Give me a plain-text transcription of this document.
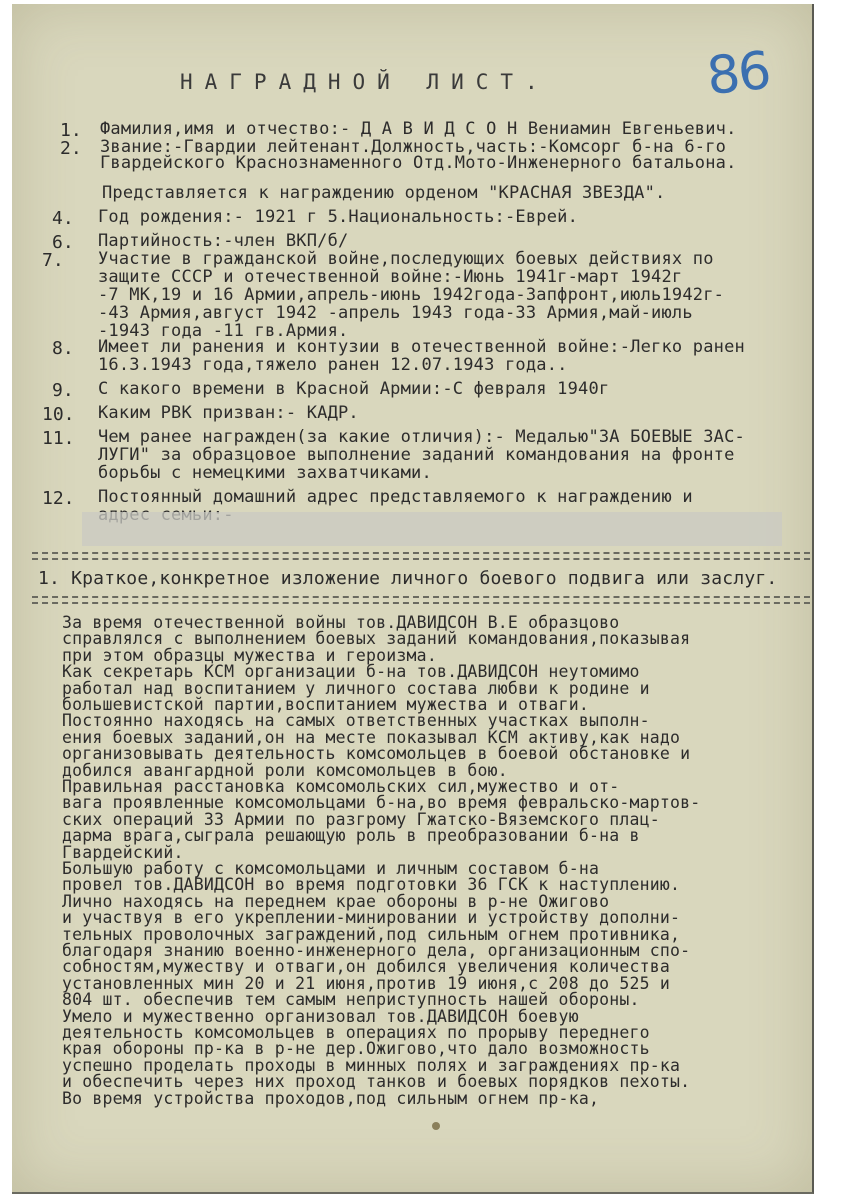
86
НАГРАДНОЙ ЛИСТ.
1. Фамилия,имя и отчество:- Д А В И Д С О Н Вениамин Евгеньевич.
2. Звание:-Гвардии лейтенант.Должность,часть:-Комсорг б-на 6-го
Гвардейского Краснознаменного Отд.Мото-Инженерного батальона.
Представляется к награждению орденом "КРАСНАЯ ЗВЕЗДА".
4. Год рождения:- 1921 г 5.Национальность:-Еврей.
6. Партийность:-член ВКП/б/
7. Участие в гражданской войне,последующих боевых действиях по
защите СССР и отечественной войне:-Июнь 1941г-март 1942г
-7 МК,19 и 16 Армии,апрель-июнь 1942года-Запфронт,июль1942г-
-43 Армия,август 1942 -апрель 1943 года-33 Армия,май-июль
-1943 года -11 гв.Армия.
8. Имеет ли ранения и контузии в отечественной войне:-Легко ранен
16.3.1943 года,тяжело ранен 12.07.1943 года..
9. С какого времени в Красной Армии:-С февраля 1940г
10. Каким РВК призван:- КАДР.
11. Чем ранее награжден(за какие отличия):- Медалью"ЗА БОЕВЫЕ ЗАС-
ЛУГИ" за образцовое выполнение заданий командования на фронте
борьбы с немецкими захватчиками.
12. Постоянный домашний адрес представляемого к награждению и
1. Краткое,конкретное изложение личного боевого подвига или заслуг.
За время отечественной войны тов.ДАВИДСОН В.Е образцово
справлялся с выполнением боевых заданий командования,показывая
при этом образцы мужества и героизма.
Как секретарь КСМ организации б-на тов.ДАВИДСОН неутомимо
работал над воспитанием у личного состава любви к родине и
большевистской партии,воспитанием мужества и отваги.
Постоянно находясь на самых ответственных участках выполн-
ения боевых заданий,он на месте показывал КСМ активу,как надо
организовывать деятельность комсомольцев в боевой обстановке и
добился авангардной роли комсомольцев в бою.
Правильная расстановка комсомольских сил,мужество и от-
вага проявленные комсомольцами б-на,во время февральско-мартов-
ских операций 33 Армии по разгрому Гжатско-Вяземского плац-
дарма врага,сыграла решающую роль в преобразовании б-на в
Гвардейский.
Большую работу с комсомольцами и личным составом б-на
провел тов.ДАВИДСОН во время подготовки 36 ГСК к наступлению.
Лично находясь на переднем крае обороны в р-не Ожигово
и участвуя в его укреплении-минировании и устройству дополни-
тельных проволочных заграждений,под сильным огнем противника,
благодаря знанию военно-инженерного дела, организационным спо-
собностям,мужеству и отваги,он добился увеличения количества
установленных мин 20 и 21 июня,против 19 июня,с 208 до 525 и
804 шт. обеспечив тем самым неприступность нашей обороны.
Умело и мужественно организовал тов.ДАВИДСОН боевую
деятельность комсомольцев в операциях по прорыву переднего
края обороны пр-ка в р-не дер.Ожигово,что дало возможность
успешно проделать проходы в минных полях и заграждениях пр-ка
и обеспечить через них проход танков и боевых порядков пехоты.
Во время устройства проходов,под сильным огнем пр-ка,
